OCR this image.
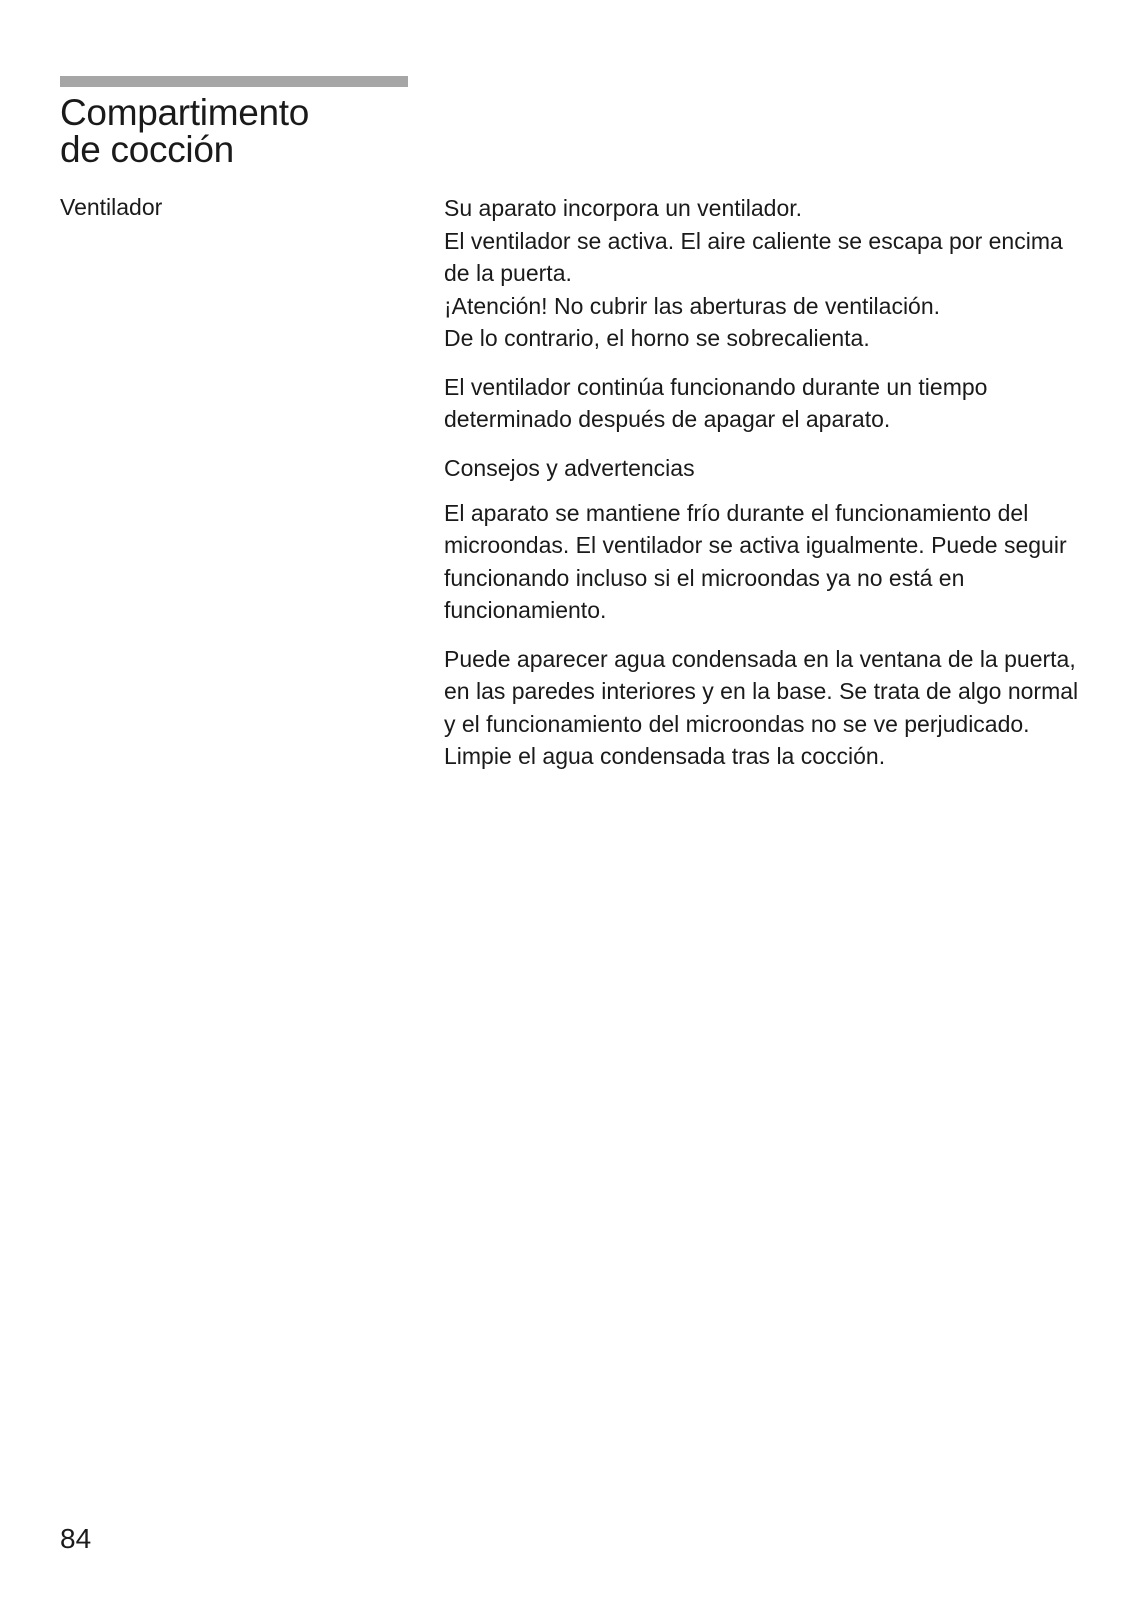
Compartimento
de cocción
Ventilador	Su aparato incorpora un ventilador.
El ventilador se activa. El aire caliente se escapa por encima de la puerta.
¡Atención! No cubrir las aberturas de ventilación.
De lo contrario, el horno se sobrecalienta.

El ventilador continúa funcionando durante un tiempo determinado después de apagar el aparato.

Consejos y advertencias

El aparato se mantiene frío durante el funcionamiento del microondas. El ventilador se activa igualmente. Puede seguir funcionando incluso si el microondas ya no está en funcionamiento.

Puede aparecer agua condensada en la ventana de la puerta, en las paredes interiores y en la base. Se trata de algo normal y el funcionamiento del microondas no se ve perjudicado. Limpie el agua condensada tras la cocción.

84
